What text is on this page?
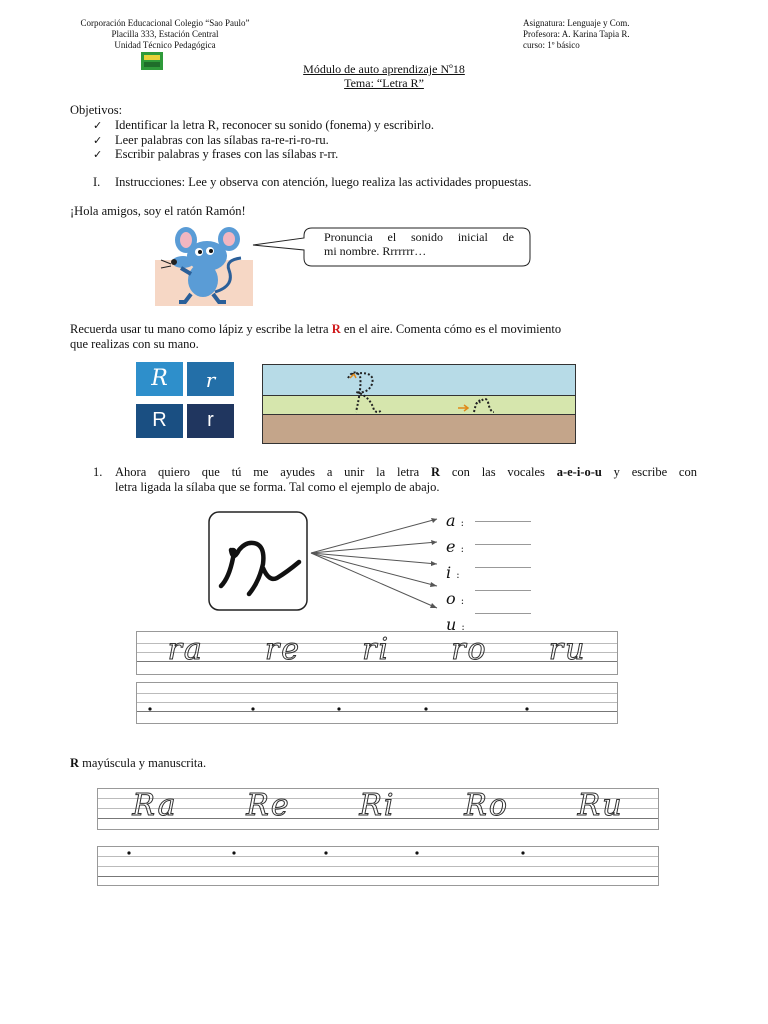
Corporación Educacional Colegio “Sao Paulo”
Placilla 333, Estación Central
Unidad Técnico Pedagógica
Asignatura: Lenguaje y Com.
Profesora: A. Karina Tapia R.
curso: 1º básico
Módulo de auto aprendizaje Nº18
Tema: “Letra R”
Objetivos:
✓ Identificar la letra R, reconocer su sonido (fonema) y escribirlo.
✓ Leer palabras con las sílabas ra-re-ri-ro-ru.
✓ Escribir palabras y frases con las sílabas r-rr.
I. Instrucciones: Lee y observa con atención, luego realiza las actividades propuestas.
¡Hola amigos, soy el ratón Ramón!
Pronuncia el sonido inicial de
mi nombre. Rrrrrrr…
Recuerda usar tu mano como lápiz y escribe la letra R en el aire. Comenta cómo es el movimiento
que realizas con su mano.
R	r
R	r
1. Ahora quiero que tú me ayudes a unir la letra R con las vocales a-e-i-o-u y escribe con
letra ligada la sílaba que se forma. Tal como el ejemplo de abajo.
a :
e :
i :
o :
u :
ra re ri ro ru
R mayúscula y manuscrita.
Ra Re Ri Ro Ru
